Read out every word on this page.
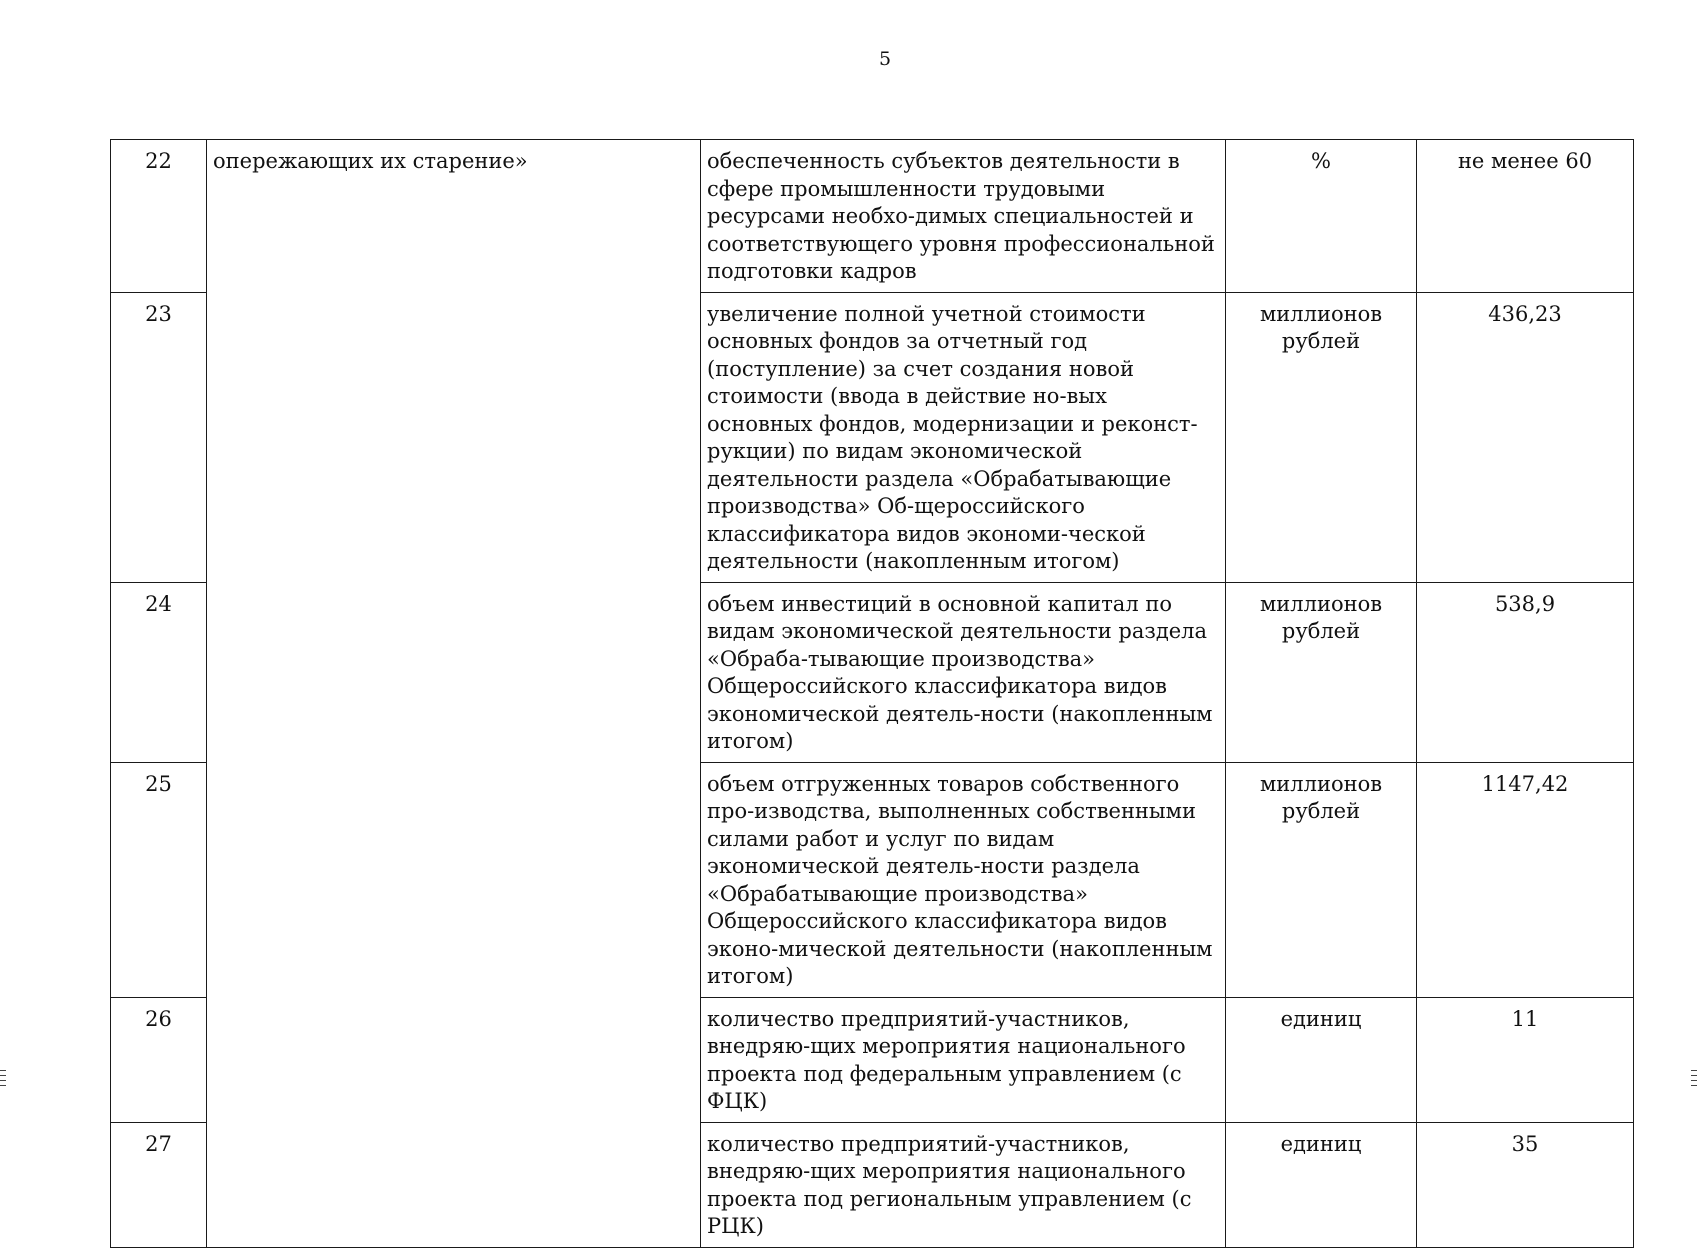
5
22	опережающих их старение»	обеспеченность субъектов деятельности в сфере промышленности трудовыми ресурсами необхо-димых специальностей и соответствующего уровня профессиональной подготовки кадров	%	не менее 60
23		увеличение полной учетной стоимости основных фондов за отчетный год (поступление) за счет создания новой стоимости (ввода в действие но-вых основных фондов, модернизации и реконст-рукции) по видам экономической деятельности раздела «Обрабатывающие производства» Об-щероссийского классификатора видов экономи-ческой деятельности (накопленным итогом)	миллионов рублей	436,23
24		объем инвестиций в основной капитал по видам экономической деятельности раздела «Обраба-тывающие производства» Общероссийского классификатора видов экономической деятель-ности (накопленным итогом)	миллионов рублей	538,9
25		объем отгруженных товаров собственного про-изводства, выполненных собственными силами работ и услуг по видам экономической деятель-ности раздела «Обрабатывающие производства» Общероссийского классификатора видов эконо-мической деятельности (накопленным итогом)	миллионов рублей	1147,42
26		количество предприятий-участников, внедряю-щих мероприятия национального проекта под федеральным управлением (с ФЦК)	единиц	11
27		количество предприятий-участников, внедряю-щих мероприятия национального проекта под региональным управлением (с РЦК)	единиц	35
